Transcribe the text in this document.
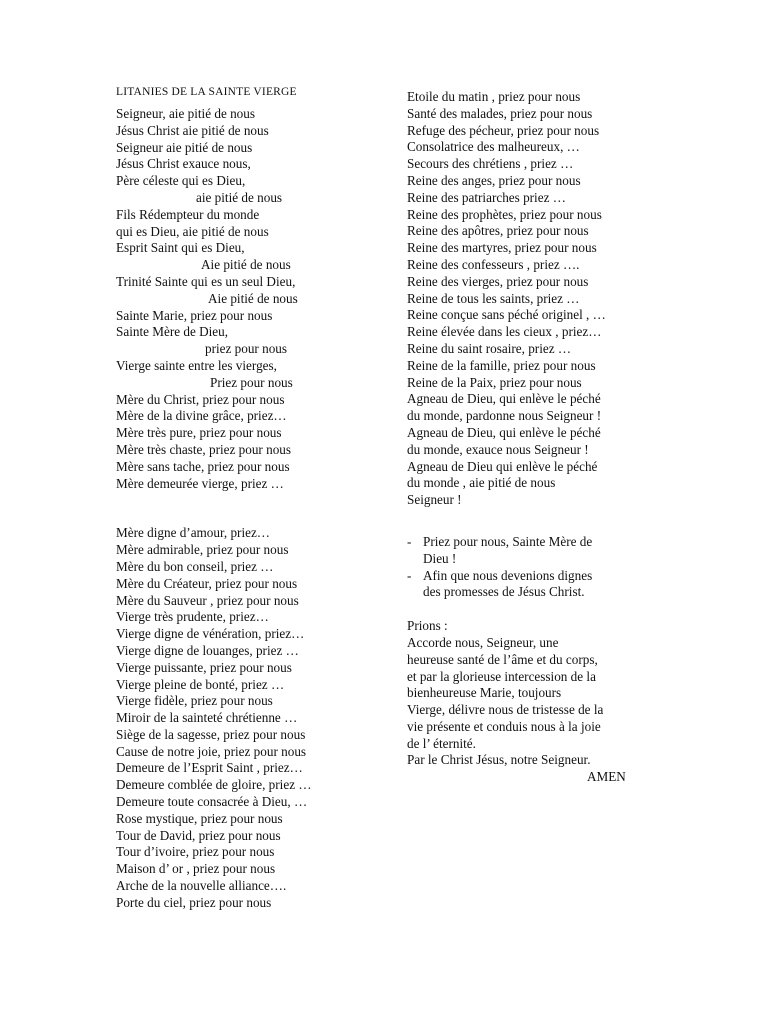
LITANIES DE LA SAINTE VIERGE
Seigneur, aie pitié de nous
Jésus Christ aie pitié de nous
Seigneur aie pitié de nous
Jésus Christ exauce nous,
Père céleste qui es Dieu,
aie pitié de nous
Fils Rédempteur du monde
qui es Dieu, aie pitié de nous
Esprit Saint qui es Dieu,
Aie pitié de nous
Trinité Sainte qui es un seul Dieu,
Aie pitié de nous
Sainte Marie, priez pour nous
Sainte Mère de Dieu,
priez pour nous
Vierge sainte entre les vierges,
Priez pour nous
Mère du Christ, priez pour nous
Mère de la divine grâce, priez…
Mère très pure, priez pour nous
Mère très chaste, priez pour nous
Mère sans tache, priez pour nous
Mère demeurée vierge, priez …
Mère digne d’amour, priez…
Mère admirable, priez pour nous
Mère du bon conseil, priez …
Mère du Créateur, priez pour nous
Mère du Sauveur , priez pour nous
Vierge très prudente, priez…
Vierge digne de vénération, priez…
Vierge digne de louanges, priez …
Vierge puissante, priez pour nous
Vierge pleine de bonté, priez …
Vierge fidèle, priez pour nous
Miroir de la sainteté chrétienne …
Siège de la sagesse, priez pour nous
Cause de notre joie, priez pour nous
Demeure de l’Esprit Saint , priez…
Demeure comblée de gloire, priez …
Demeure toute consacrée à Dieu, …
Rose mystique, priez pour nous
Tour de David, priez pour nous
Tour d’ivoire, priez pour nous
Maison d’ or , priez pour nous
Arche de la nouvelle alliance….
Porte du ciel, priez pour nous
Etoile du matin , priez pour nous
Santé des malades, priez pour nous
Refuge des pécheur, priez pour nous
Consolatrice des malheureux, …
Secours des chrétiens , priez …
Reine des anges, priez pour nous
Reine des patriarches priez …
Reine des prophètes, priez pour nous
Reine des apôtres, priez pour nous
Reine des martyres, priez pour nous
Reine des confesseurs , priez ….
Reine des vierges, priez pour nous
Reine de tous les saints, priez …
Reine conçue sans péché originel , …
Reine élevée dans les cieux , priez…
Reine du saint rosaire, priez …
Reine de la famille, priez pour nous
Reine de la Paix, priez pour nous
Agneau de Dieu, qui enlève le péché
du monde, pardonne nous Seigneur !
Agneau de Dieu, qui enlève le péché
du monde, exauce nous Seigneur !
Agneau de Dieu qui enlève le péché
du monde , aie pitié de nous
Seigneur !
- Priez pour nous, Sainte Mère de
Dieu !
- Afin que nous devenions dignes
des promesses de Jésus Christ.
Prions :
Accorde nous, Seigneur, une
heureuse santé de l’âme et du corps,
et par la glorieuse intercession de la
bienheureuse Marie, toujours
Vierge, délivre nous de tristesse de la
vie présente et conduis nous à la joie
de l’ éternité.
Par le Christ Jésus, notre Seigneur.
AMEN
